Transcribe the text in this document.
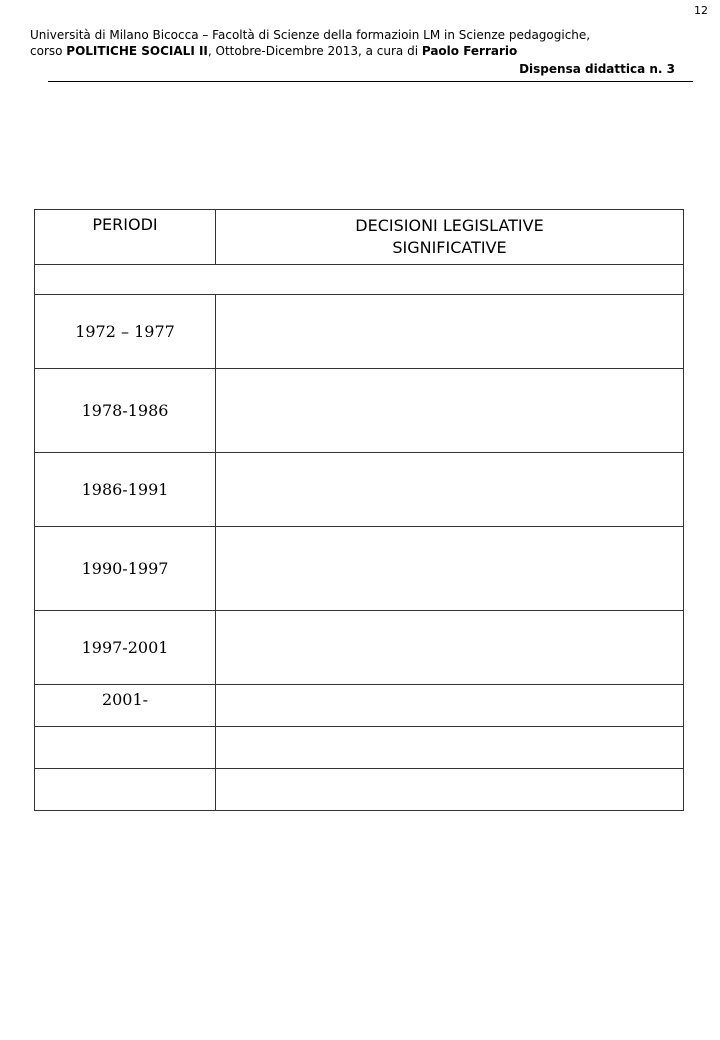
12
Università di Milano Bicocca – Facoltà di Scienze della formazioin LM in Scienze pedagogiche,
corso POLITICHE SOCIALI II, Ottobre-Dicembre 2013, a cura di Paolo Ferrario
Dispensa didattica n. 3
PERIODI	DECISIONI LEGISLATIVE
SIGNIFICATIVE

1972 – 1977	
1978-1986	
1986-1991	
1990-1997	
1997-2001	
2001-	
